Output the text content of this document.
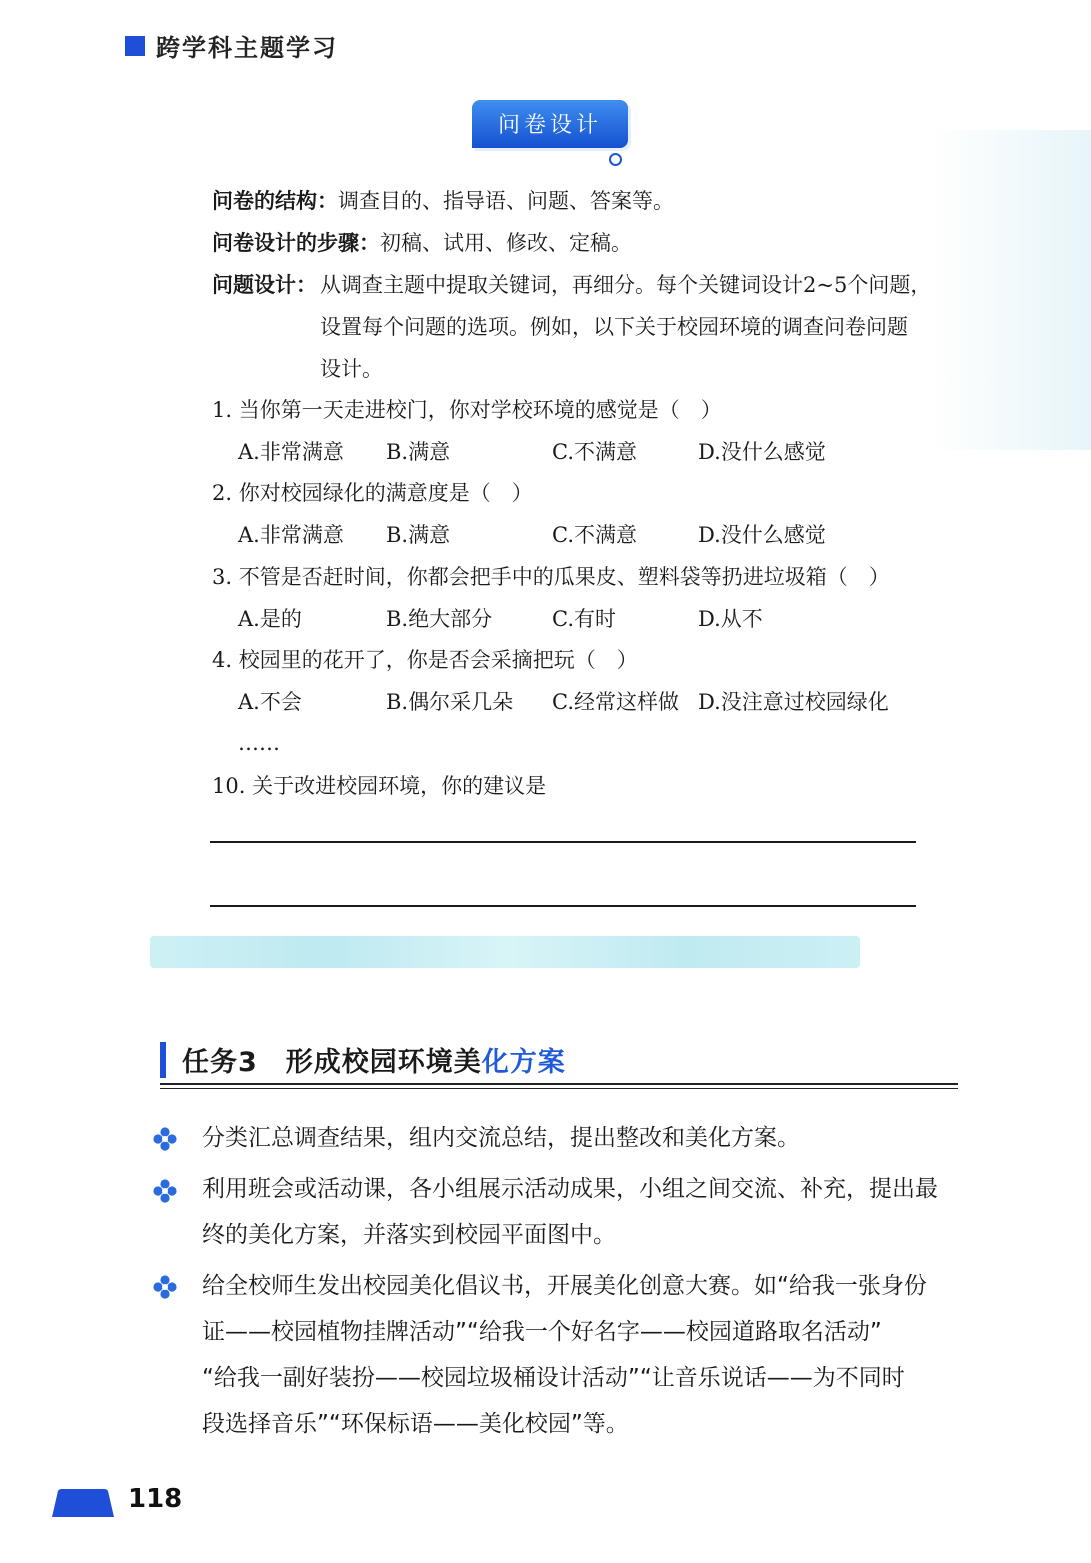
跨学科主题学习
问卷设计
问卷的结构：调查目的、指导语、问题、答案等。
问卷设计的步骤：初稿、试用、修改、定稿。
问题设计： 从调查主题中提取关键词，再细分。每个关键词设计2~5个问题，
设置每个问题的选项。例如，以下关于校园环境的调查问卷问题
设计。
1. 当你第一天走进校门，你对学校环境的感觉是（　）
A.非常满意 B.满意	C.不满意	D.没什么感觉
2. 你对校园绿化的满意度是（　）
A.非常满意 B.满意	C.不满意	D.没什么感觉
3. 不管是否赶时间，你都会把手中的瓜果皮、塑料袋等扔进垃圾箱（　）
A.是的	B.绝大部分	C.有时	D.从不
4. 校园里的花开了，你是否会采摘把玩（　）
A.不会	B.偶尔采几朵 C.经常这样做 D.没注意过校园绿化
……
10. 关于改进校园环境，你的建议是
任务3　形成校园环境美化方案
分类汇总调查结果，组内交流总结，提出整改和美化方案。
利用班会或活动课，各小组展示活动成果，小组之间交流、补充，提出最
终的美化方案，并落实到校园平面图中。
给全校师生发出校园美化倡议书，开展美化创意大赛。如“给我一张身份
证——校园植物挂牌活动”“给我一个好名字——校园道路取名活动”
“给我一副好装扮——校园垃圾桶设计活动”“让音乐说话——为不同时
段选择音乐”“环保标语——美化校园”等。
118
